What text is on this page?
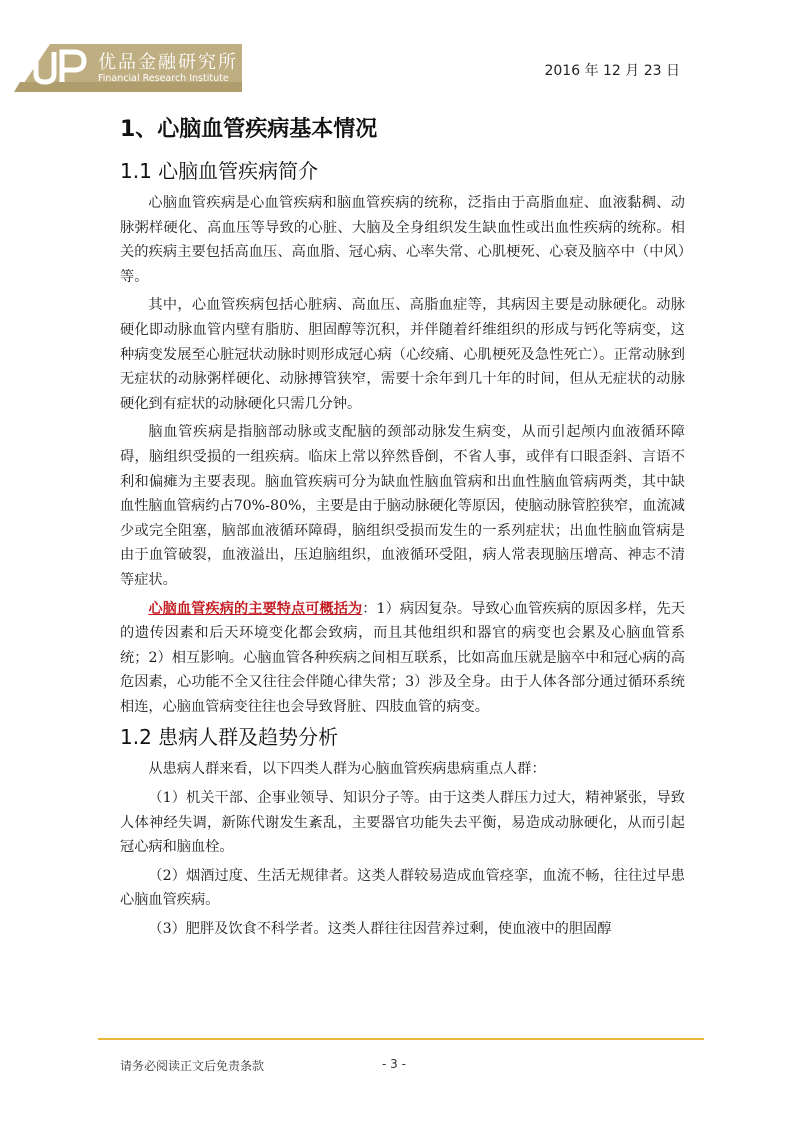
优品金融研究所
Financial Research Institute	2016 年 12 月 23 日
1、心脑血管疾病基本情况
1.1 心脑血管疾病简介

心脑血管疾病是心血管疾病和脑血管疾病的统称，泛指由于高脂血症、血液黏稠、动脉粥样硬化、高血压等导致的心脏、大脑及全身组织发生缺血性或出血性疾病的统称。相关的疾病主要包括高血压、高血脂、冠心病、心率失常、心肌梗死、心衰及脑卒中（中风）等。

其中，心血管疾病包括心脏病、高血压、高脂血症等，其病因主要是动脉硬化。动脉硬化即动脉血管内壁有脂肪、胆固醇等沉积，并伴随着纤维组织的形成与钙化等病变，这种病变发展至心脏冠状动脉时则形成冠心病（心绞痛、心肌梗死及急性死亡）。正常动脉到无症状的动脉粥样硬化、动脉搏管狭窄，需要十余年到几十年的时间，但从无症状的动脉硬化到有症状的动脉硬化只需几分钟。

脑血管疾病是指脑部动脉或支配脑的颈部动脉发生病变，从而引起颅内血液循环障碍，脑组织受损的一组疾病。临床上常以猝然昏倒，不省人事，或伴有口眼歪斜、言语不利和偏瘫为主要表现。脑血管疾病可分为缺血性脑血管病和出血性脑血管病两类，其中缺血性脑血管病约占70%-80%，主要是由于脑动脉硬化等原因，使脑动脉管腔狭窄，血流减少或完全阻塞，脑部血液循环障碍，脑组织受损而发生的一系列症状；出血性脑血管病是由于血管破裂，血液溢出，压迫脑组织，血液循环受阻，病人常表现脑压增高、神志不清等症状。

心脑血管疾病的主要特点可概括为：1）病因复杂。导致心血管疾病的原因多样，先天的遗传因素和后天环境变化都会致病，而且其他组织和器官的病变也会累及心脑血管系统；2）相互影响。心脑血管各种疾病之间相互联系，比如高血压就是脑卒中和冠心病的高危因素，心功能不全又往往会伴随心律失常；3）涉及全身。由于人体各部分通过循环系统相连，心脑血管病变往往也会导致肾脏、四肢血管的病变。

1.2 患病人群及趋势分析

从患病人群来看，以下四类人群为心脑血管疾病患病重点人群：

（1）机关干部、企事业领导、知识分子等。由于这类人群压力过大，精神紧张，导致人体神经失调，新陈代谢发生紊乱，主要器官功能失去平衡，易造成动脉硬化，从而引起冠心病和脑血栓。

（2）烟酒过度、生活无规律者。这类人群较易造成血管痉挛，血流不畅，往往过早患心脑血管疾病。

（3）肥胖及饮食不科学者。这类人群往往因营养过剩，使血液中的胆固醇

请务必阅读正文后免责条款	- 3 -
